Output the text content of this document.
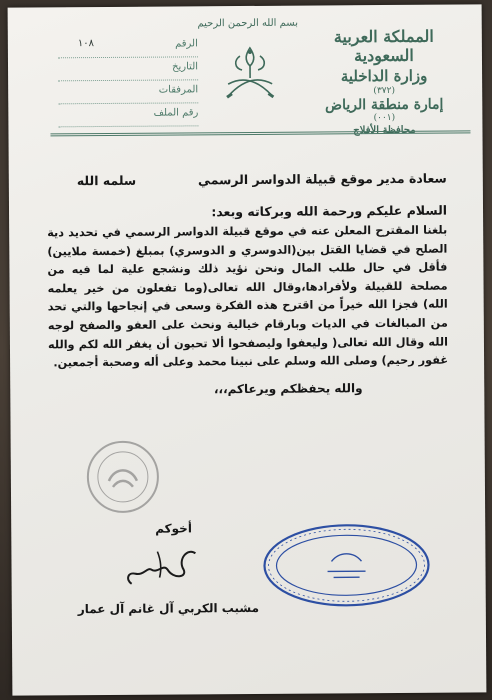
بسم الله الرحمن الرحيم
المملكة العربية السعودية
وزارة الداخلية
(٣٧٢)
إمارة منطقة الرياض
(٠٠١)
محافظة الأفلاج
الرقم
١٠٨
التاريخ
المرفقات
رقم الملف
سعادة مدير موقع قبيلة الدواسر الرسمي
سلمه الله
السلام عليكم ورحمة الله وبركاته وبعد:
بلغنا المقترح المعلن عنه في موقع قبيلة الدواسر الرسمي في تحديد دية الصلح في قضايا القتل بين(الدوسري و الدوسري) بمبلغ (خمسة ملايين) فأقل في حال طلب المال ونحن نؤيد ذلك ونشجع علية لما فيه من مصلحة للقبيلة ولأفرادها،وقال الله تعالى(وما تفعلون من خير يعلمه الله) فجزا الله خيراً من اقترح هذه الفكرة وسعى في إنجاحها والتي تحد من المبالغات في الديات وبارقام خيالية ونحث على العفو والصفح لوجه الله وقال الله تعالى( وليعفوا وليصفحوا ألا تحبون أن يغفر الله لكم والله غفور رحيم) وصلى الله وسلم على نبينا محمد وعلى أله وصحبة أجمعين.
والله يحفظكم ويرعاكم،،،
أخوكم
مشبب الكربي آل غانم آل عمار
